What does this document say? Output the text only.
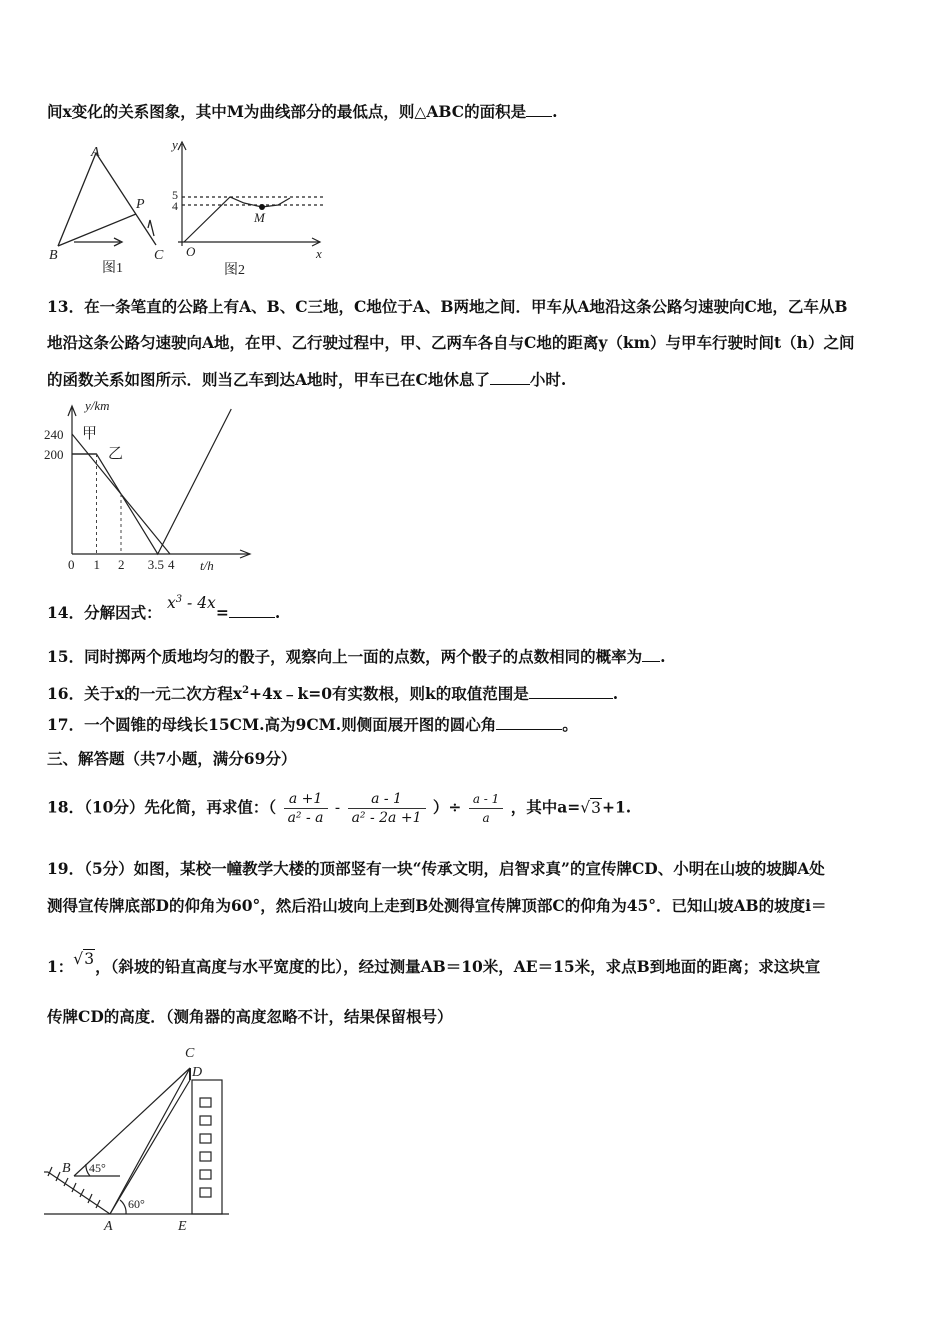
间x变化的关系图象，其中M为曲线部分的最低点，则△ABC的面积是 .
A
P
B	C
图1
y
x
O
M
5
4
图2
13．在一条笔直的公路上有A、B、C三地，C地位于A、B两地之间．甲车从A地沿这条公路匀速驶向C地，乙车从B
地沿这条公路匀速驶向A地，在甲、乙行驶过程中，甲、乙两车各自与C地的距离y（km）与甲车行驶时间t（h）之间
的函数关系如图所示．则当乙车到达A地时，甲车已在C地休息了	小时.
240
200
0 1 2 3.5 4
甲
乙
y/km
t/h
14．分解因式： $x^3 - 4x=$	.
15．同时掷两个质地均匀的骰子，观察向上一面的点数，两个骰子的点数相同的概率为 .
16．关于x的一元二次方程$x^2+4x﹣k=0$有实数根，则k的取值范围是	.
17．一个圆锥的母线长15CM.高为9CM.则侧面展开图的圆心角	。
三、解答题（共7小题，满分69分）
18．（10分）先化简，再求值：（ $\frac{a +1}{\text{a² - a}} - \frac{a - 1}{\text{a² - 2a +1}}$ ）÷ $\frac{a - 1}{a}$ ，其中a=√3+1.
19．（5分）如图，某校一幢教学大楼的顶部竖有一块“传承文明，启智求真”的宣传牌CD、小明在山坡的坡脚A处
测得宣传牌底部D的仰角为60°，然后沿山坡向上走到B处测得宣传牌顶部C的仰角为45°．已知山坡AB的坡度i＝
1：√3，（斜坡的铅直高度与水平宽度的比），经过测量AB＝10米，AE＝15米，求点B到地面的距离；求这块宣
传牌CD的高度．（测角器的高度忽略不计，结果保留根号）
C
D
B
A	E
45°
60°
